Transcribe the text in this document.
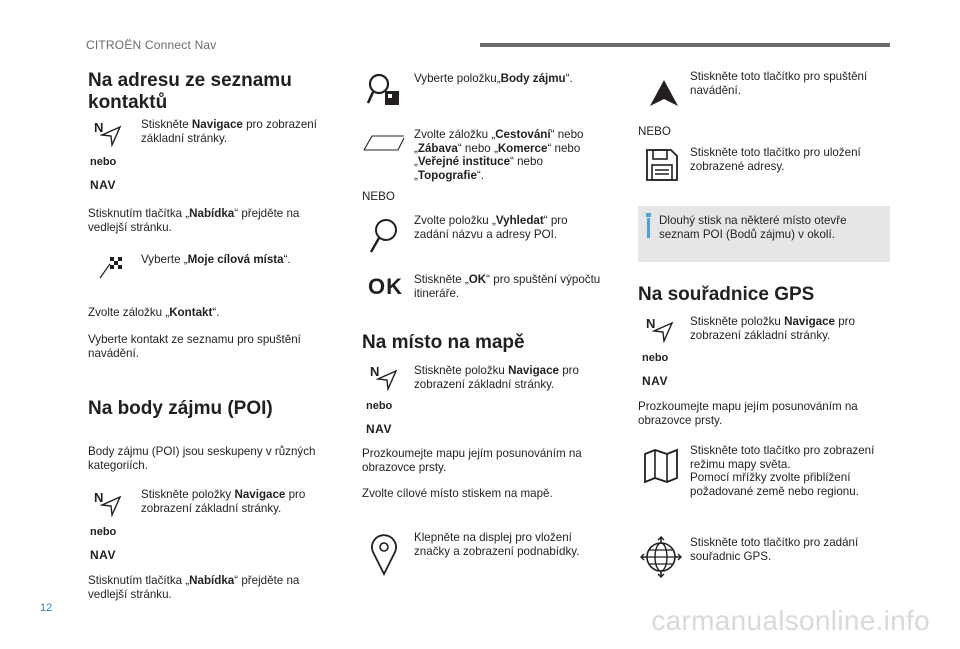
CITROËN Connect Nav
Na adresu ze seznamu kontaktů
N
nebo
NAV
Stiskněte Navigace pro zobrazení základní stránky.
Stisknutím tlačítka „Nabídka“ přejděte na vedlejší stránku.
Vyberte „Moje cílová místa“.
Zvolte záložku „Kontakt“.
Vyberte kontakt ze seznamu pro spuštění navádění.
Na body zájmu (POI)
Body zájmu (POI) jsou seskupeny v různých kategoriích.
N
nebo
NAV
Stiskněte položky Navigace pro zobrazení základní stránky.
Stisknutím tlačítka „Nabídka“ přejděte na vedlejší stránku.
Vyberte položku„Body zájmu“.
Zvolte záložku „Cestování“ nebo „Zábava“ nebo „Komerce“ nebo „Veřejné instituce“ nebo „Topografie“.
NEBO
Zvolte položku „Vyhledat“ pro zadání názvu a adresy POI.
OK Stiskněte „OK“ pro spuštění výpočtu itineráře.
Na místo na mapě
N
nebo
NAV
Stiskněte položku Navigace pro zobrazení základní stránky.
Prozkoumejte mapu jejím posunováním na obrazovce prsty.
Zvolte cílové místo stiskem na mapě.
Klepněte na displej pro vložení značky a zobrazení podnabídky.
Stiskněte toto tlačítko pro spuštění navádění.
NEBO
Stiskněte toto tlačítko pro uložení zobrazené adresy.
Dlouhý stisk na některé místo otevře seznam POI (Bodů zájmu) v okolí.
Na souřadnice GPS
N
nebo
NAV
Stiskněte položku Navigace pro zobrazení základní stránky.
Prozkoumejte mapu jejím posunováním na obrazovce prsty.
Stiskněte toto tlačítko pro zobrazení režimu mapy světa.
Pomocí mřížky zvolte přiblížení požadované země nebo regionu.
Stiskněte toto tlačítko pro zadání souřadnic GPS.
12	carmanualsonline.info
